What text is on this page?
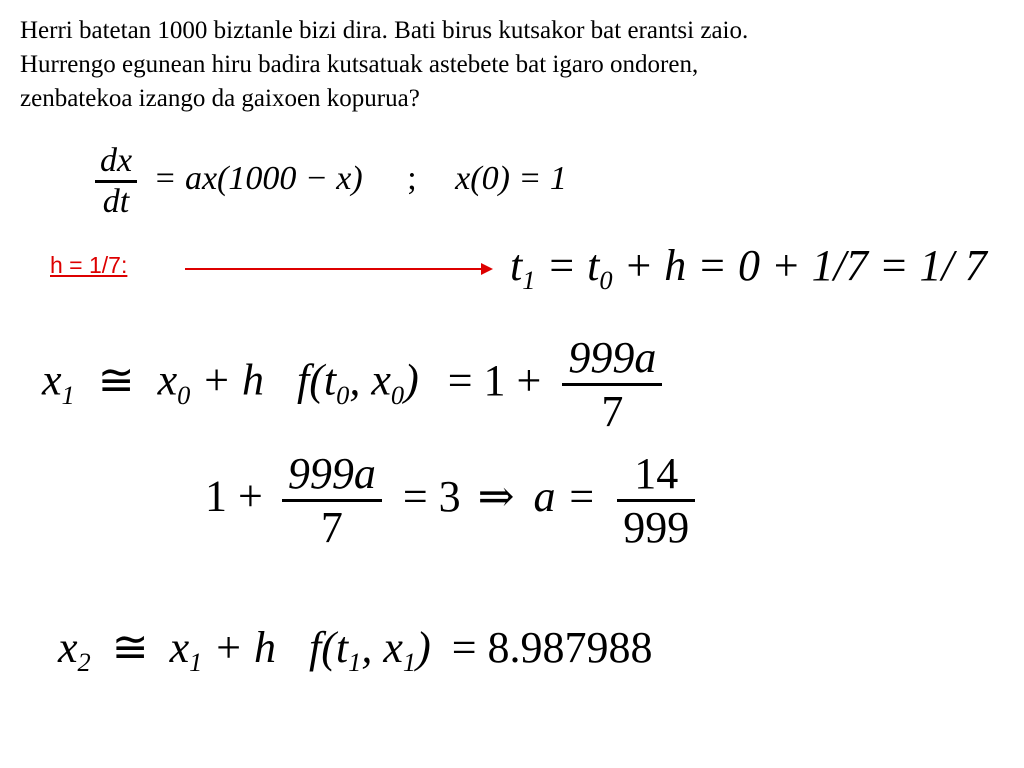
Herri batetan 1000 biztanle bizi dira. Bati birus kutsakor bat erantsi zaio.
Hurrengo egunean hiru badira kutsatuak astebete bat igaro ondoren,
zenbatekoa izango da gaixoen kopurua?
$\frac{dx}{dt} = ax(1000 - x)$ ; x(0) = 1
h = 1/7:	$t_1 = t_0 + h = 0 + 1/7 = 1/$ 7
$x_1$ ≅ $x_0 + h$   $f(t_0$, $x_0) = 1 + \frac{999a}{7}$
$1 + \frac{999a}{7} = 3$ ⇒ $a = \frac{14}{999}$
$x_2$ ≅ $x_1 + h$   $f(t_1$, $x_1) = 8.987988$
